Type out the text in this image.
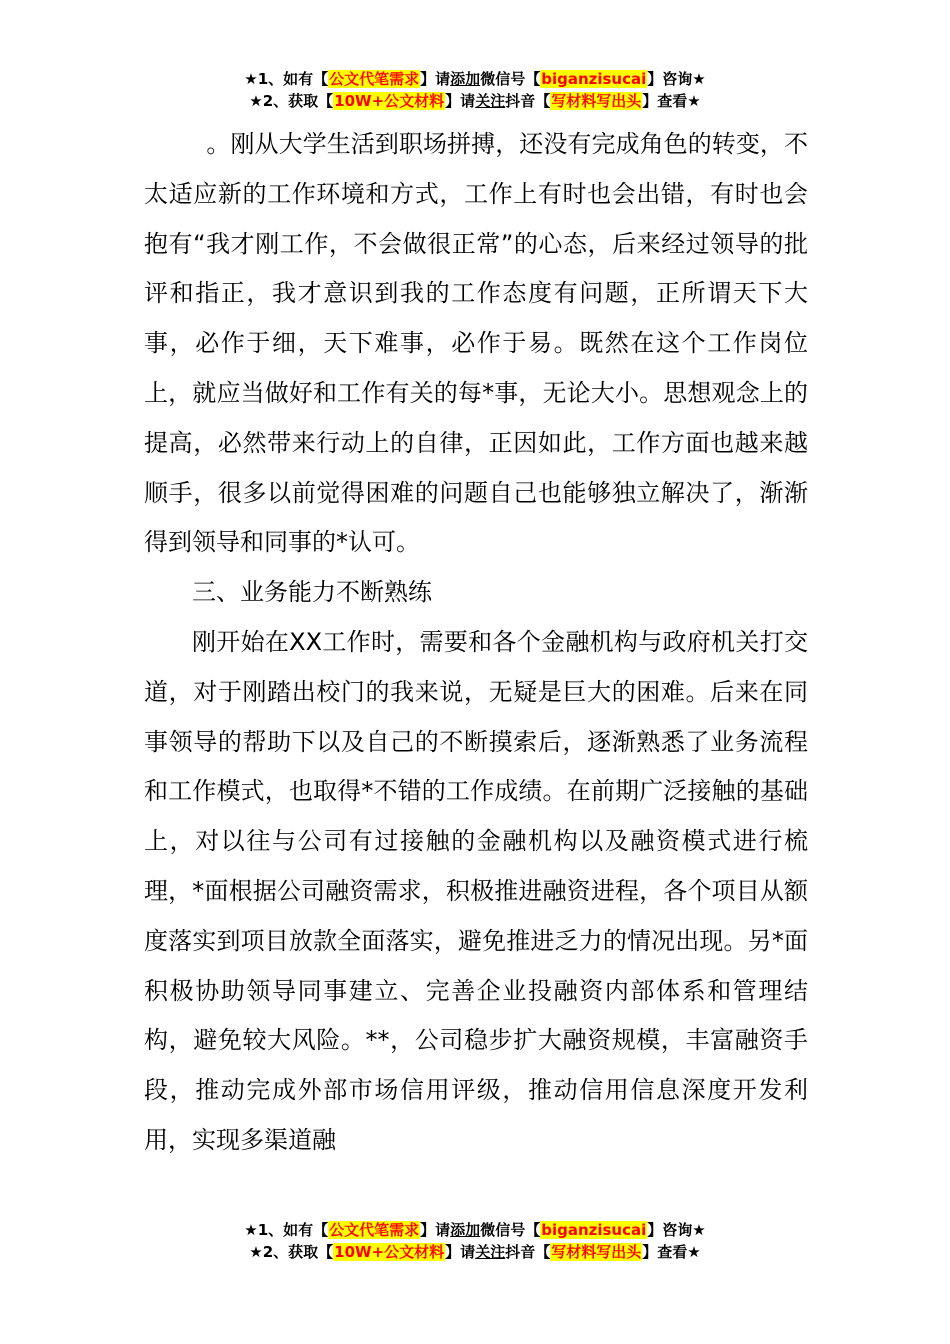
★1、如有【公文代笔需求】请添加微信号【biganzisucai】咨询★
★2、获取【10W+公文材料】请关注抖音【写材料写出头】查看★

。刚从大学生活到职场拼搏，还没有完成角色的转变，不太适应新的工作环境和方式，工作上有时也会出错，有时也会抱有“我才刚工作，不会做很正常”的心态，后来经过领导的批评和指正，我才意识到我的工作态度有问题，正所谓天下大事，必作于细，天下难事，必作于易。既然在这个工作岗位上，就应当做好和工作有关的每*事，无论大小。思想观念上的提高，必然带来行动上的自律，正因如此，工作方面也越来越顺手，很多以前觉得困难的问题自己也能够独立解决了，渐渐得到领导和同事的*认可。

三、业务能力不断熟练

刚开始在XX工作时，需要和各个金融机构与政府机关打交道，对于刚踏出校门的我来说，无疑是巨大的困难。后来在同事领导的帮助下以及自己的不断摸索后，逐渐熟悉了业务流程和工作模式，也取得*不错的工作成绩。在前期广泛接触的基础上，对以往与公司有过接触的金融机构以及融资模式进行梳理，*面根据公司融资需求，积极推进融资进程，各个项目从额度落实到项目放款全面落实，避免推进乏力的情况出现。另*面积极协助领导同事建立、完善企业投融资内部体系和管理结构，避免较大风险。**，公司稳步扩大融资规模，丰富融资手段，推动完成外部市场信用评级，推动信用信息深度开发利用，实现多渠道融

★1、如有【公文代笔需求】请添加微信号【biganzisucai】咨询★
★2、获取【10W+公文材料】请关注抖音【写材料写出头】查看★
